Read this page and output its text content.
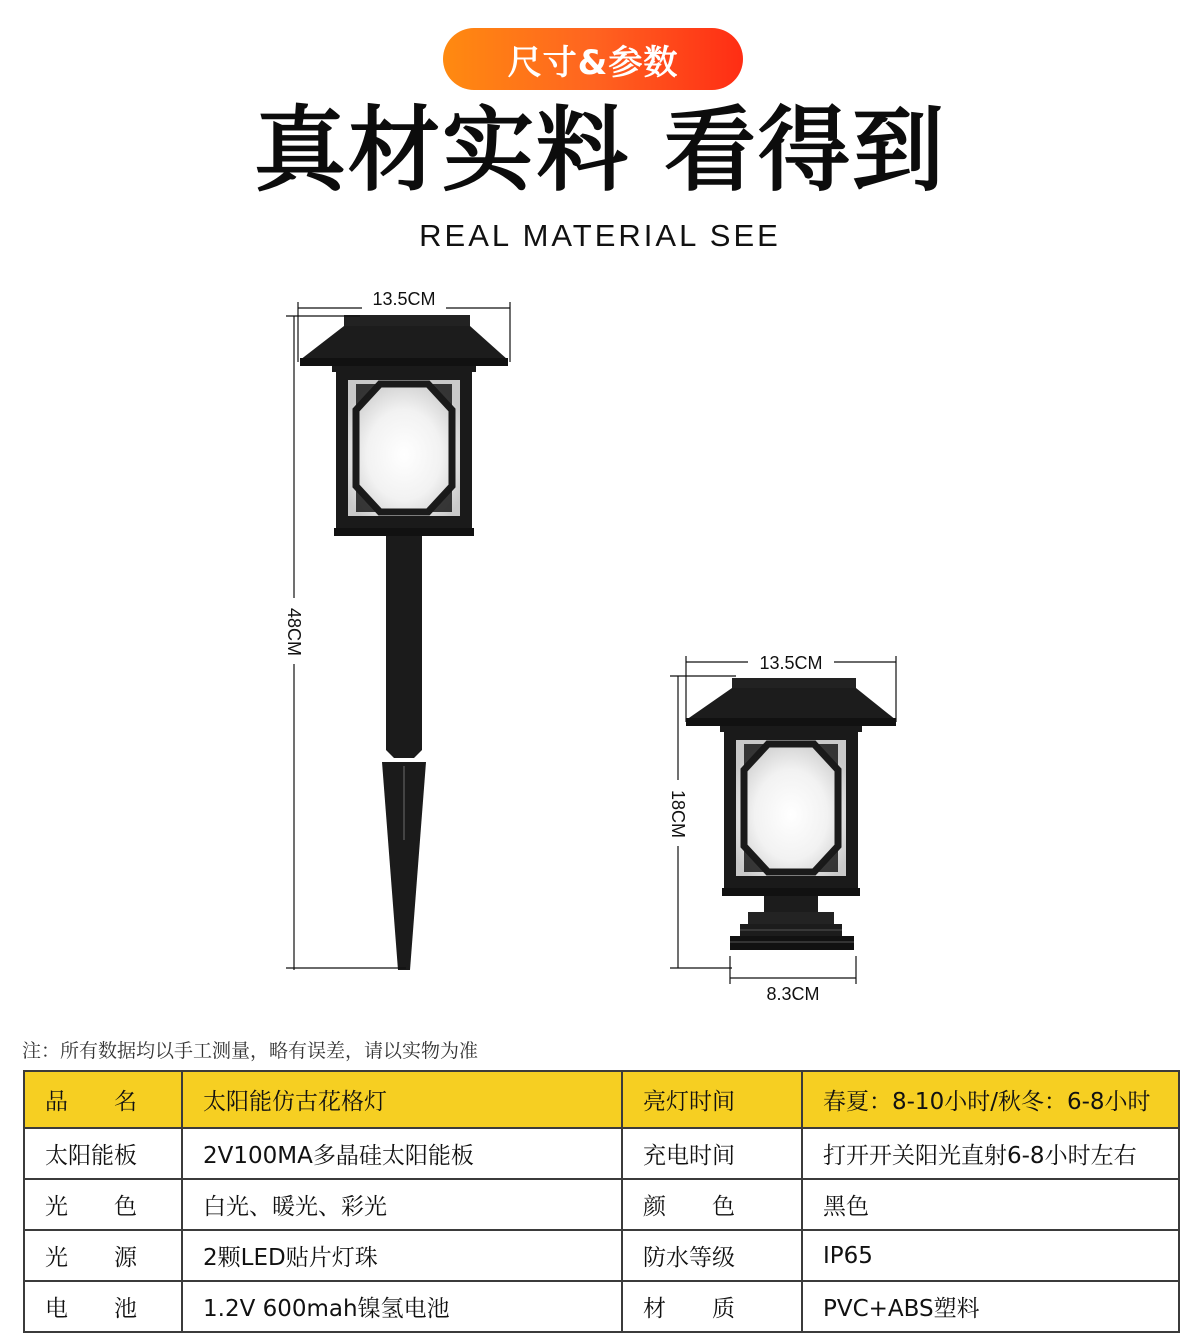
尺寸&参数
真材实料 看得到
REAL MATERIAL SEE
13.5CM
48CM
13.5CM
18CM
8.3CM
注：所有数据均以手工测量，略有误差，请以实物为准
品　　名	太阳能仿古花格灯	亮灯时间	春夏：8-10小时/秋冬：6-8小时
太阳能板	2V100MA多晶硅太阳能板	充电时间	打开开关阳光直射6-8小时左右
光　　色	白光、暖光、彩光	颜　　色	黑色
光　　源	2颗LED贴片灯珠	防水等级	IP65
电　　池	1.2V 600mah镍氢电池	材　　质	PVC+ABS塑料
